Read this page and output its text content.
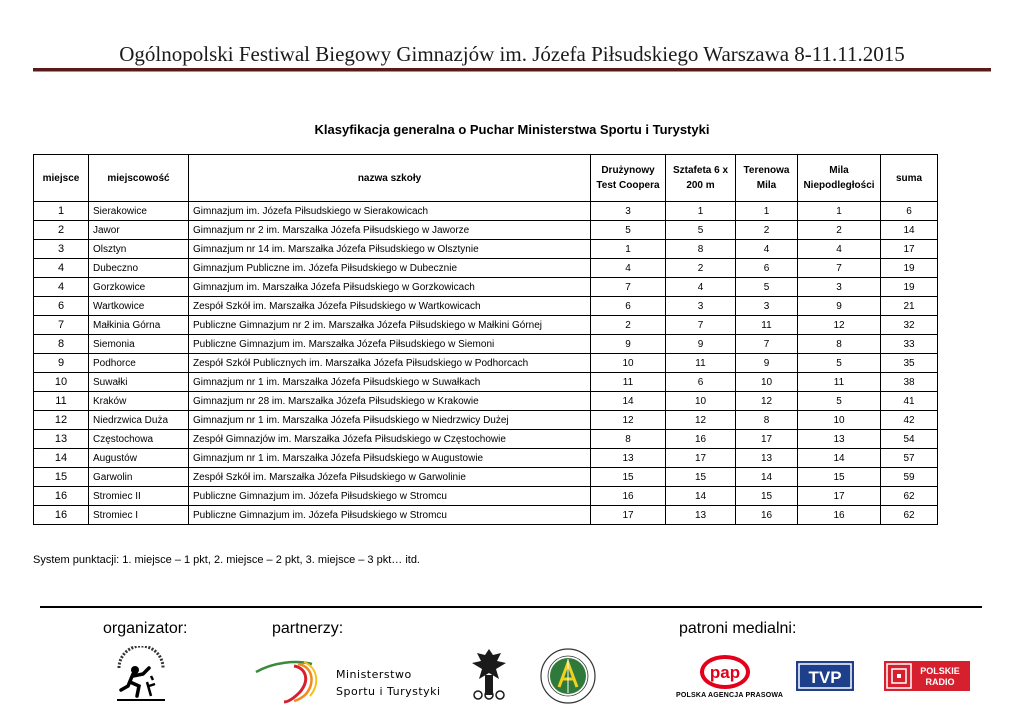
Ogólnopolski Festiwal Biegowy Gimnazjów im. Józefa Piłsudskiego Warszawa 8-11.11.2015
Klasyfikacja generalna o Puchar Ministerstwa Sportu i Turystyki
miejsce	miejscowość	nazwa szkoły	Drużynowy Test Coopera	Sztafeta 6 x 200 m	Terenowa Mila	Mila Niepodległości	suma
1	Sierakowice	Gimnazjum im. Józefa Piłsudskiego w Sierakowicach	3	1	1	1	6
2	Jawor	Gimnazjum nr 2 im. Marszałka Józefa Piłsudskiego w Jaworze	5	5	2	2	14
3	Olsztyn	Gimnazjum nr 14 im. Marszałka Józefa Piłsudskiego w Olsztynie	1	8	4	4	17
4	Dubeczno	Gimnazjum Publiczne im. Józefa Piłsudskiego w Dubecznie	4	2	6	7	19
4	Gorzkowice	Gimnazjum im. Marszałka Józefa Piłsudskiego w Gorzkowicach	7	4	5	3	19
6	Wartkowice	Zespół Szkół im. Marszałka Józefa Piłsudskiego w Wartkowicach	6	3	3	9	21
7	Małkinia Górna	Publiczne Gimnazjum nr 2 im. Marszałka Józefa Piłsudskiego w Małkini Górnej	2	7	11	12	32
8	Siemonia	Publiczne Gimnazjum im. Marszałka Józefa Piłsudskiego w Siemoni	9	9	7	8	33
9	Podhorce	Zespół Szkół Publicznych im. Marszałka Józefa Piłsudskiego w Podhorcach	10	11	9	5	35
10	Suwałki	Gimnazjum nr 1 im. Marszałka Józefa Piłsudskiego w Suwałkach	11	6	10	11	38
11	Kraków	Gimnazjum nr 28 im. Marszałka Józefa Piłsudskiego w Krakowie	14	10	12	5	41
12	Niedrzwica Duża	Gimnazjum nr 1 im. Marszałka Józefa Piłsudskiego w Niedrzwicy Dużej	12	12	8	10	42
13	Częstochowa	Zespół Gimnazjów im. Marszałka Józefa Piłsudskiego w Częstochowie	8	16	17	13	54
14	Augustów	Gimnazjum nr 1 im. Marszałka Józefa Piłsudskiego w Augustowie	13	17	13	14	57
15	Garwolin	Zespół Szkół im. Marszałka Józefa Piłsudskiego w Garwolinie	15	15	14	15	59
16	Stromiec II	Publiczne Gimnazjum im. Józefa Piłsudskiego w Stromcu	16	14	15	17	62
16	Stromiec I	Publiczne Gimnazjum im. Józefa Piłsudskiego w Stromcu	17	13	16	16	62
System punktacji: 1. miejsce – 1 pkt, 2. miejsce – 2 pkt, 3. miejsce – 3 pkt… itd.
organizator:	partnerzy:	patroni medialni:
Ministerstwo
Sportu i Turystyki
pap
POLSKA AGENCJA PRASOWA
TVP	POLSKIE
RADIO
